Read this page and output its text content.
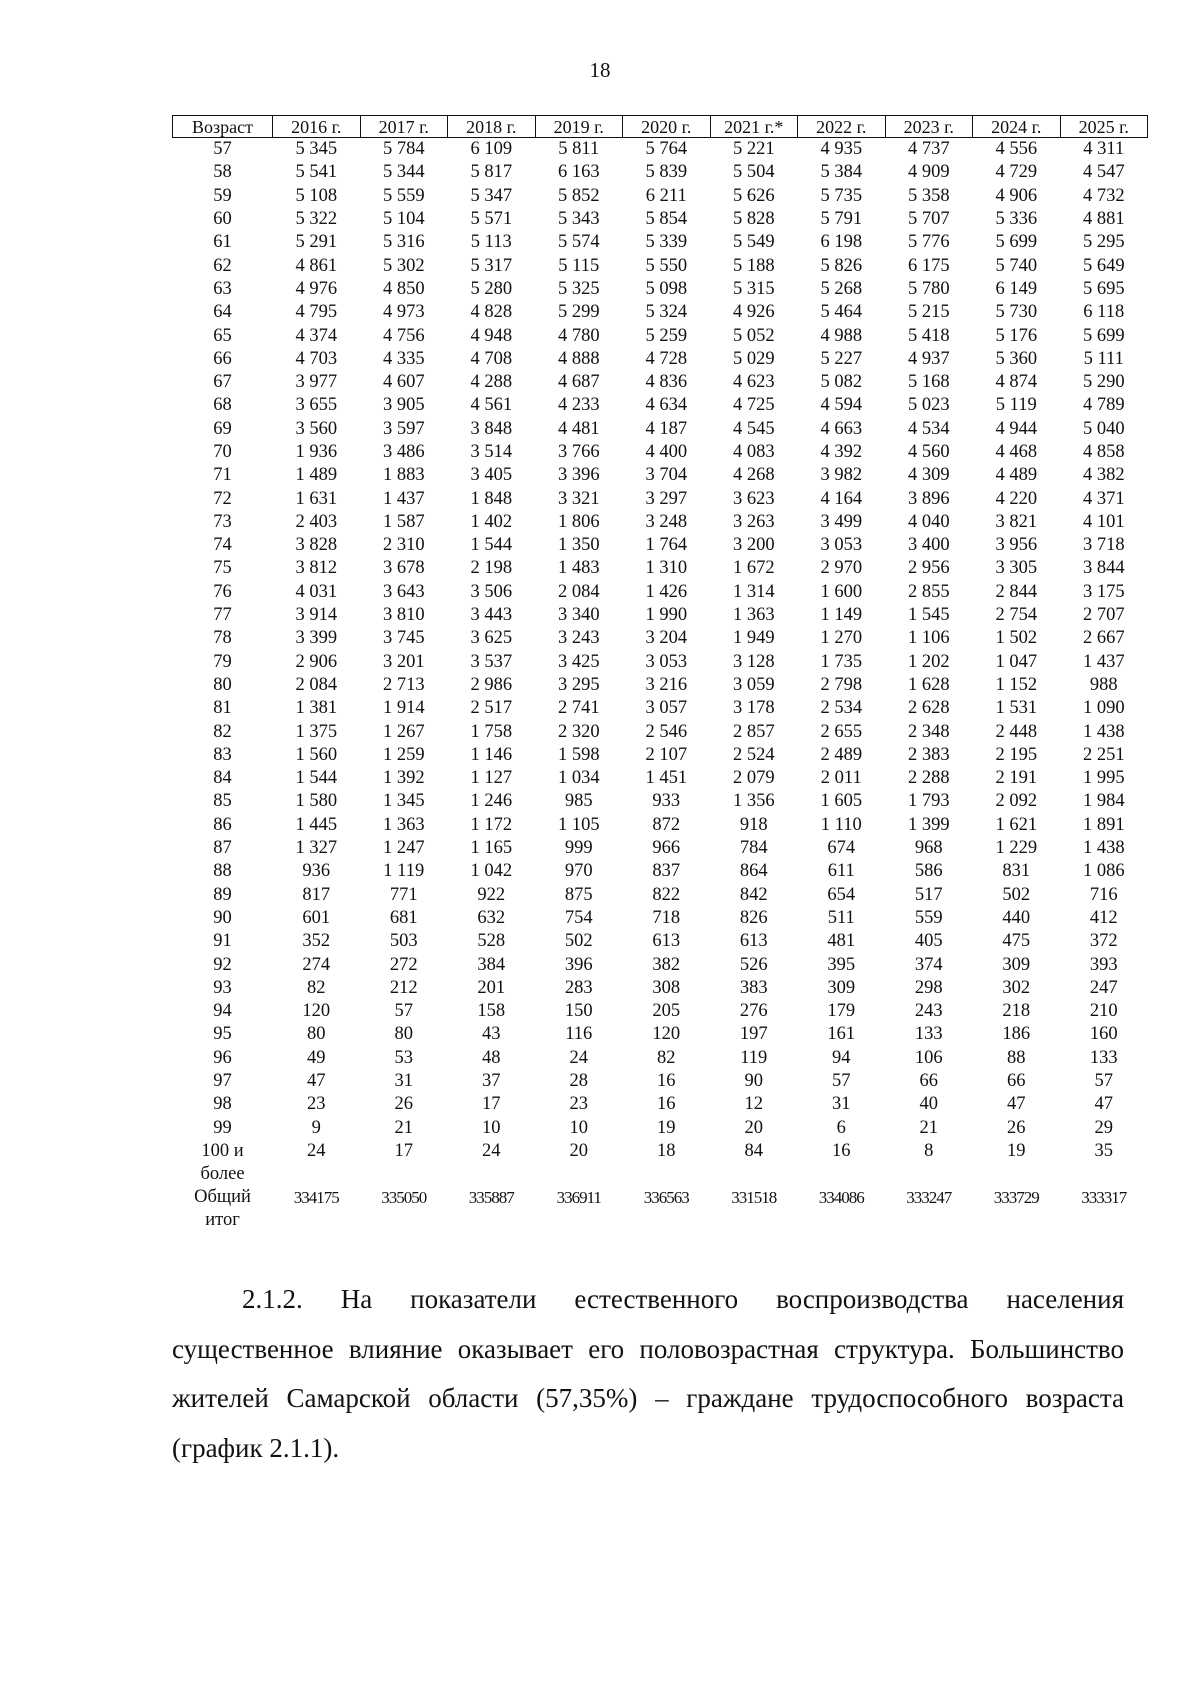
18
Возраст	2016 г.	2017 г.	2018 г.	2019 г.	2020 г.	2021 г.*	2022 г.	2023 г.	2024 г.	2025 г.
57	5 345	5 784	6 109	5 811	5 764	5 221	4 935	4 737	4 556	4 311
58	5 541	5 344	5 817	6 163	5 839	5 504	5 384	4 909	4 729	4 547
59	5 108	5 559	5 347	5 852	6 211	5 626	5 735	5 358	4 906	4 732
60	5 322	5 104	5 571	5 343	5 854	5 828	5 791	5 707	5 336	4 881
61	5 291	5 316	5 113	5 574	5 339	5 549	6 198	5 776	5 699	5 295
62	4 861	5 302	5 317	5 115	5 550	5 188	5 826	6 175	5 740	5 649
63	4 976	4 850	5 280	5 325	5 098	5 315	5 268	5 780	6 149	5 695
64	4 795	4 973	4 828	5 299	5 324	4 926	5 464	5 215	5 730	6 118
65	4 374	4 756	4 948	4 780	5 259	5 052	4 988	5 418	5 176	5 699
66	4 703	4 335	4 708	4 888	4 728	5 029	5 227	4 937	5 360	5 111
67	3 977	4 607	4 288	4 687	4 836	4 623	5 082	5 168	4 874	5 290
68	3 655	3 905	4 561	4 233	4 634	4 725	4 594	5 023	5 119	4 789
69	3 560	3 597	3 848	4 481	4 187	4 545	4 663	4 534	4 944	5 040
70	1 936	3 486	3 514	3 766	4 400	4 083	4 392	4 560	4 468	4 858
71	1 489	1 883	3 405	3 396	3 704	4 268	3 982	4 309	4 489	4 382
72	1 631	1 437	1 848	3 321	3 297	3 623	4 164	3 896	4 220	4 371
73	2 403	1 587	1 402	1 806	3 248	3 263	3 499	4 040	3 821	4 101
74	3 828	2 310	1 544	1 350	1 764	3 200	3 053	3 400	3 956	3 718
75	3 812	3 678	2 198	1 483	1 310	1 672	2 970	2 956	3 305	3 844
76	4 031	3 643	3 506	2 084	1 426	1 314	1 600	2 855	2 844	3 175
77	3 914	3 810	3 443	3 340	1 990	1 363	1 149	1 545	2 754	2 707
78	3 399	3 745	3 625	3 243	3 204	1 949	1 270	1 106	1 502	2 667
79	2 906	3 201	3 537	3 425	3 053	3 128	1 735	1 202	1 047	1 437
80	2 084	2 713	2 986	3 295	3 216	3 059	2 798	1 628	1 152	988
81	1 381	1 914	2 517	2 741	3 057	3 178	2 534	2 628	1 531	1 090
82	1 375	1 267	1 758	2 320	2 546	2 857	2 655	2 348	2 448	1 438
83	1 560	1 259	1 146	1 598	2 107	2 524	2 489	2 383	2 195	2 251
84	1 544	1 392	1 127	1 034	1 451	2 079	2 011	2 288	2 191	1 995
85	1 580	1 345	1 246	985	933	1 356	1 605	1 793	2 092	1 984
86	1 445	1 363	1 172	1 105	872	918	1 110	1 399	1 621	1 891
87	1 327	1 247	1 165	999	966	784	674	968	1 229	1 438
88	936	1 119	1 042	970	837	864	611	586	831	1 086
89	817	771	922	875	822	842	654	517	502	716
90	601	681	632	754	718	826	511	559	440	412
91	352	503	528	502	613	613	481	405	475	372
92	274	272	384	396	382	526	395	374	309	393
93	82	212	201	283	308	383	309	298	302	247
94	120	57	158	150	205	276	179	243	218	210
95	80	80	43	116	120	197	161	133	186	160
96	49	53	48	24	82	119	94	106	88	133
97	47	31	37	28	16	90	57	66	66	57
98	23	26	17	23	16	12	31	40	47	47
99	9	21	10	10	19	20	6	21	26	29
100 и
более	24	17	24	20	18	84	16	8	19	35
Общий
итог	334175	335050	335887	336911	336563	331518	334086	333247	333729	333317

2.1.2. На показатели естественного воспроизводства населения существенное влияние оказывает его половозрастная структура. Большинство жителей Самарской области (57,35%) – граждане трудоспособного возраста (график 2.1.1).
